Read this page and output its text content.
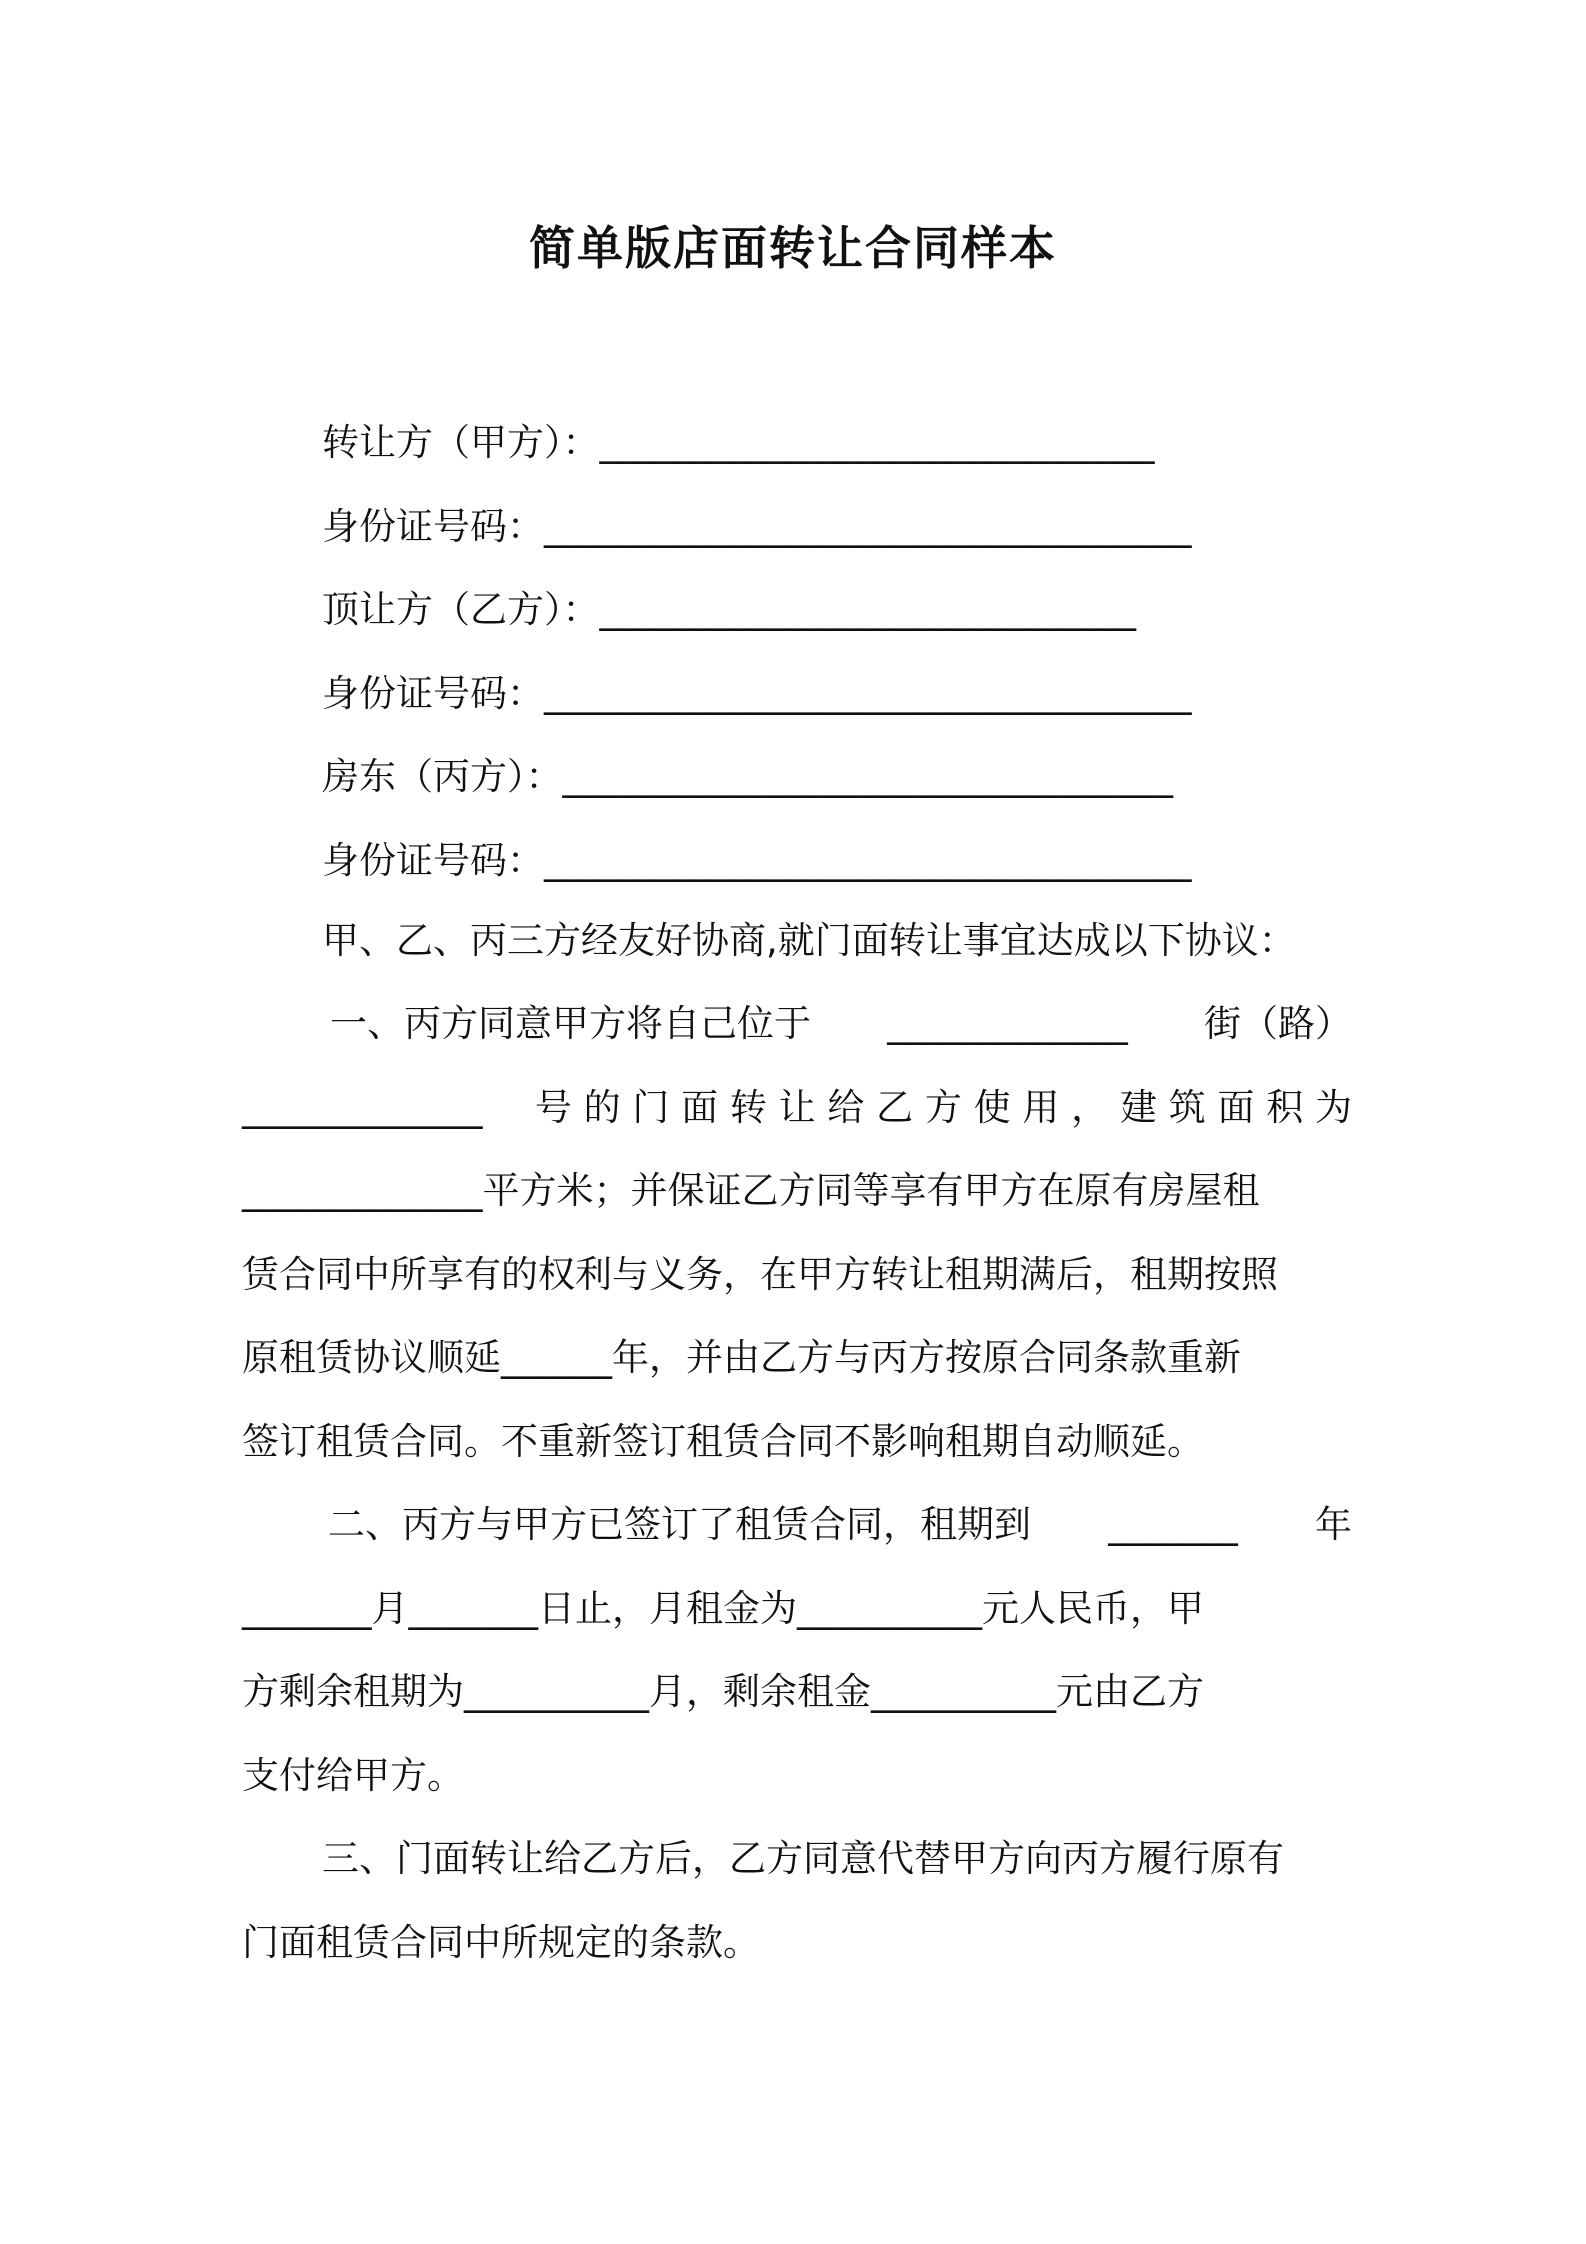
简单版店面转让合同样本
转让方（甲方）：______________________________
身份证号码：___________________________________
顶让方（乙方）：_____________________________
身份证号码：___________________________________
房东（丙方）：_________________________________
身份证号码：___________________________________
甲、乙、丙三方经友好协商,就门面转让事宜达成以下协议：
一、丙方同意甲方将自己位于 _____________ 街（路）
_____________ 号 的 门 面 转 让 给 乙 方 使 用 ， 建 筑 面 积 为
_____________平方米；并保证乙方同等享有甲方在原有房屋租
赁合同中所享有的权利与义务，在甲方转让租期满后，租期按照
原租赁协议顺延______年，并由乙方与丙方按原合同条款重新
签订租赁合同。不重新签订租赁合同不影响租期自动顺延。
二、丙方与甲方已签订了租赁合同，租期到 _______ 年
_______月_______日止，月租金为__________元人民币，甲
方剩余租期为__________月，剩余租金__________元由乙方
支付给甲方。
三、门面转让给乙方后，乙方同意代替甲方向丙方履行原有
门面租赁合同中所规定的条款。
